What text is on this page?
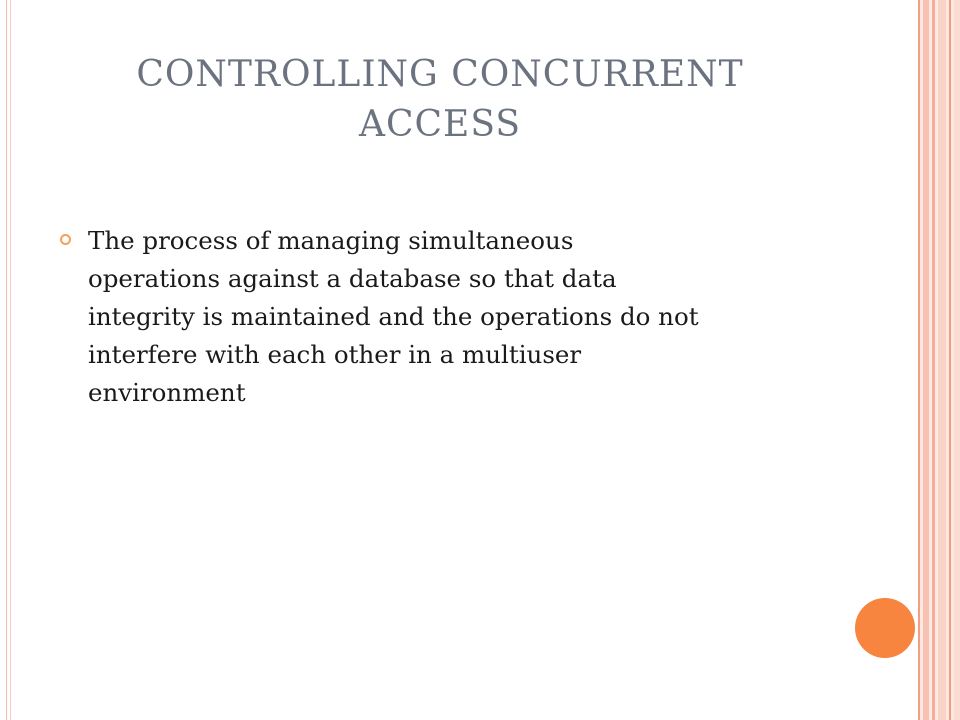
CONTROLLING CONCURRENT
ACCESS
The process of managing simultaneous
operations against a database so that data
integrity is maintained and the operations do not
interfere with each other in a multiuser
environment
